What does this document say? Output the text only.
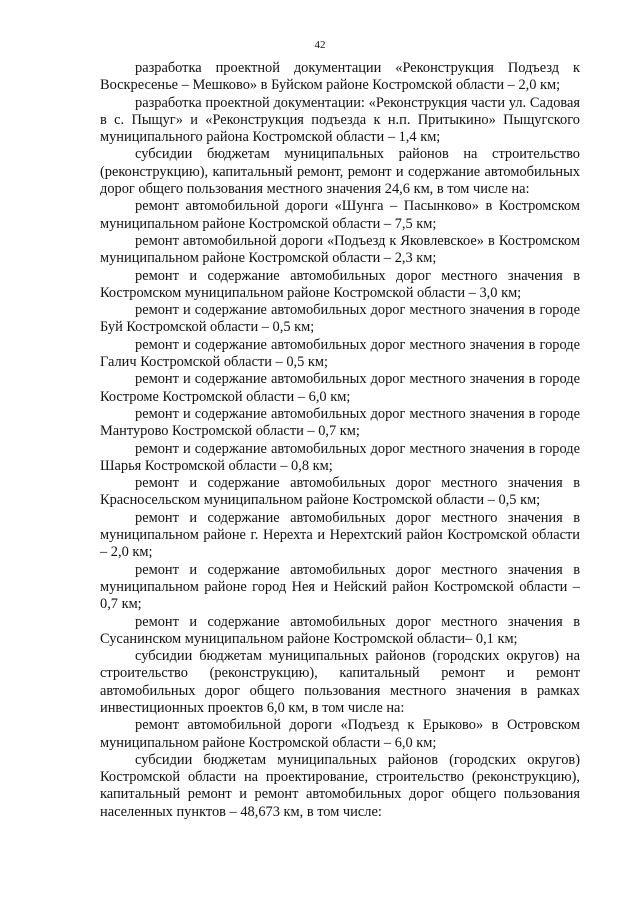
42

разработка проектной документации «Реконструкция Подъезд к Воскресенье – Мешково» в Буйском районе Костромской области – 2,0 км;

разработка проектной документации: «Реконструкция части ул. Садовая в с. Пыщуг» и «Реконструкция подъезда к н.п. Притыкино» Пыщугского муниципального района Костромской области – 1,4 км;

субсидии бюджетам муниципальных районов на строительство (реконструкцию), капитальный ремонт, ремонт и содержание автомобильных дорог общего пользования местного значения 24,6 км, в том числе на:

ремонт автомобильной дороги «Шунга – Пасынково» в Костромском муниципальном районе Костромской области – 7,5 км;

ремонт автомобильной дороги «Подъезд к Яковлевское» в Костромском муниципальном районе Костромской области – 2,3 км;

ремонт и содержание автомобильных дорог местного значения в Костромском муниципальном районе Костромской области – 3,0 км;

ремонт и содержание автомобильных дорог местного значения в городе Буй Костромской области – 0,5 км;

ремонт и содержание автомобильных дорог местного значения в городе Галич Костромской области – 0,5 км;

ремонт и содержание автомобильных дорог местного значения в городе Костроме Костромской области – 6,0 км;

ремонт и содержание автомобильных дорог местного значения в городе Мантурово Костромской области – 0,7 км;

ремонт и содержание автомобильных дорог местного значения в городе Шарья Костромской области – 0,8 км;

ремонт и содержание автомобильных дорог местного значения в Красносельском муниципальном районе Костромской области – 0,5 км;

ремонт и содержание автомобильных дорог местного значения в муниципальном районе г. Нерехта и Нерехтский район Костромской области – 2,0 км;

ремонт и содержание автомобильных дорог местного значения в муниципальном районе город Нея и Нейский район Костромской области – 0,7 км;

ремонт и содержание автомобильных дорог местного значения в Сусанинском муниципальном районе Костромской области– 0,1 км;

субсидии бюджетам муниципальных районов (городских округов) на строительство (реконструкцию), капитальный ремонт и ремонт автомобильных дорог общего пользования местного значения в рамках инвестиционных проектов 6,0 км, в том числе на:

ремонт автомобильной дороги «Подъезд к Ерыково» в Островском муниципальном районе Костромской области – 6,0 км;

субсидии бюджетам муниципальных районов (городских округов) Костромской области на проектирование, строительство (реконструкцию), капитальный ремонт и ремонт автомобильных дорог общего пользования населенных пунктов – 48,673 км, в том числе:
